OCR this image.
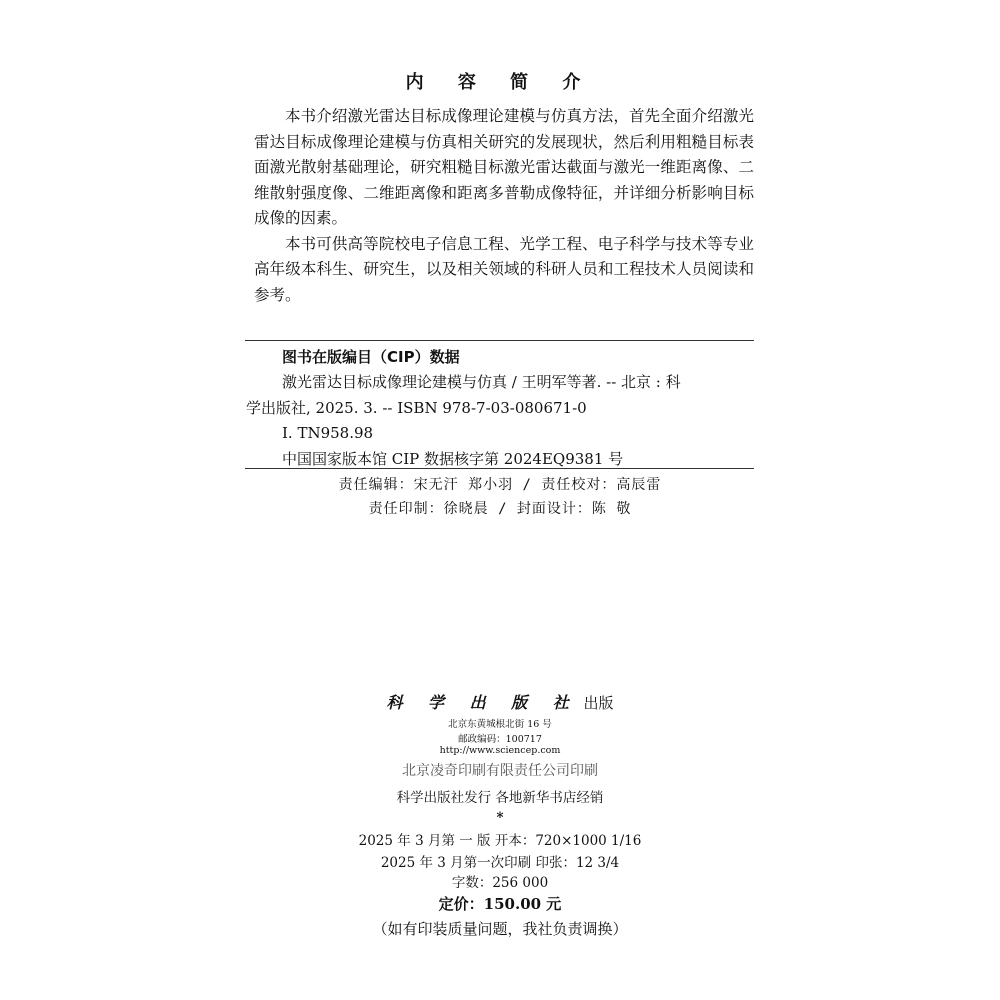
内 容 简 介

本书介绍激光雷达目标成像理论建模与仿真方法，首先全面介绍激光雷达目标成像理论建模与仿真相关研究的发展现状，然后利用粗糙目标表面激光散射基础理论，研究粗糙目标激光雷达截面与激光一维距离像、二维散射强度像、二维距离像和距离多普勒成像特征，并详细分析影响目标成像的因素。

本书可供高等院校电子信息工程、光学工程、电子科学与技术等专业高年级本科生、研究生，以及相关领域的科研人员和工程技术人员阅读和参考。

图书在版编目（CIP）数据
激光雷达目标成像理论建模与仿真 / 王明军等著. -- 北京 : 科
学出版社, 2025. 3. -- ISBN 978-7-03-080671-0
Ⅰ. TN958.98
中国国家版本馆 CIP 数据核字第 2024EQ9381 号
责任编辑：宋无汗 郑小羽 / 责任校对：高辰雷
责任印制：徐晓晨 / 封面设计：陈 敬
科 学 出 版 社 出版
北京东黄城根北街 16 号
邮政编码：100717
http://www.sciencep.com
北京凌奇印刷有限责任公司印刷
科学出版社发行 各地新华书店经销
*
2025 年 3 月第 一 版 开本：720×1000 1/16
2025 年 3 月第一次印刷 印张：12 3/4
字数：256 000
定价：150.00 元
（如有印装质量问题，我社负责调换）
